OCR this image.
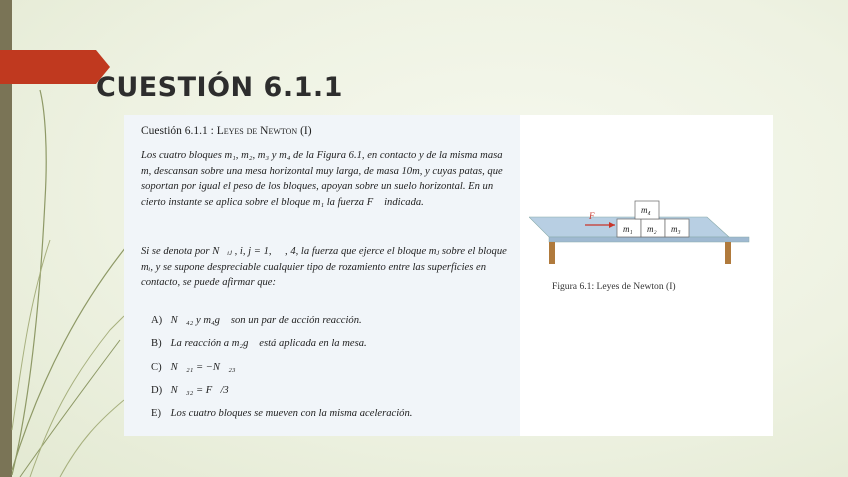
CUESTIÓN 6.1.1
Cuestión 6.1.1 : Leyes de Newton (I)

Los cuatro bloques m₁, m₂, m₃ y m₄ de la Figura 6.1, en contacto y de la misma masa m, descansan sobre una mesa horizontal muy larga, de masa 10m, y cuyas patas, que soportan por igual el peso de los bloques, apoyan sobre un suelo horizontal. En un cierto instante se aplica sobre el bloque m₁ la fuerza F⃗ indicada.

Si se denota por N⃗ᵢⱼ , i, j = 1, ⋯ , 4, la fuerza que ejerce el bloque mⱼ sobre el bloque mᵢ, y se supone despreciable cualquier tipo de rozamiento entre las superficies en contacto, se puede afirmar que:

A) N⃗₄₂ y m₄g⃗ son un par de acción reacción.
B) La reacción a m₂g⃗ está aplicada en la mesa.
C) N⃗₂₁ = −N⃗₂₃
D) N⃗₃₂ = F⃗/3
E) Los cuatro bloques se mueven con la misma aceleración.
m₁ m₂ m₃
m₄
F
Figura 6.1: Leyes de Newton (I)
